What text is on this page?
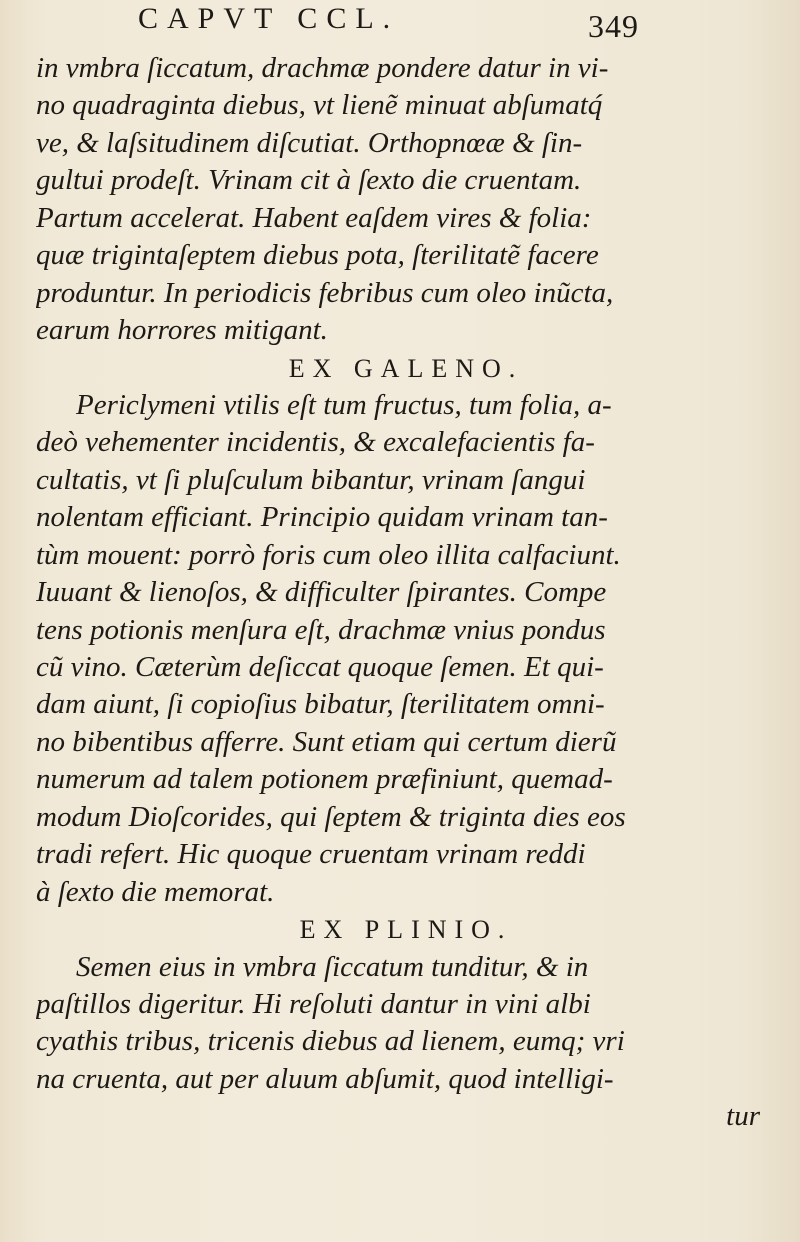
CAPVT CCL.	349
in vmbra ſiccatum, drachmæ pondere datur in vi-
no quadraginta diebus, vt lienẽ minuat abſumatq́
ve, & laſsitudinem diſcutiat. Orthopnœæ & ſin-
gultui prodeſt. Vrinam cit à ſexto die cruentam.
Partum accelerat. Habent eaſdem vires & folia:
quæ trigintaſeptem diebus pota, ſterilitatẽ facere
produntur. In periodicis febribus cum oleo inũcta,
earum horrores mitigant.
EX GALENO.
Periclymeni vtilis eſt tum fructus, tum folia, a-
deò vehementer incidentis, & excalefacientis fa-
cultatis, vt ſi pluſculum bibantur, vrinam ſangui
nolentam efficiant. Principio quidam vrinam tan-
tùm mouent: porrò foris cum oleo illita calfaciunt.
Iuuant & lienoſos, & difficulter ſpirantes. Compe
tens potionis menſura eſt, drachmæ vnius pondus
cũ vino. Cæterùm deſiccat quoque ſemen. Et qui-
dam aiunt, ſi copioſius bibatur, ſterilitatem omni-
no bibentibus afferre. Sunt etiam qui certum dierũ
numerum ad talem potionem præfiniunt, quemad-
modum Dioſcorides, qui ſeptem & triginta dies eos
tradi refert. Hic quoque cruentam vrinam reddi
à ſexto die memorat.
EX PLINIO.
Semen eius in vmbra ſiccatum tunditur, & in
paſtillos digeritur. Hi reſoluti dantur in vini albi
cyathis tribus, tricenis diebus ad lienem, eumq; vri
na cruenta, aut per aluum abſumit, quod intelligi-
tur
